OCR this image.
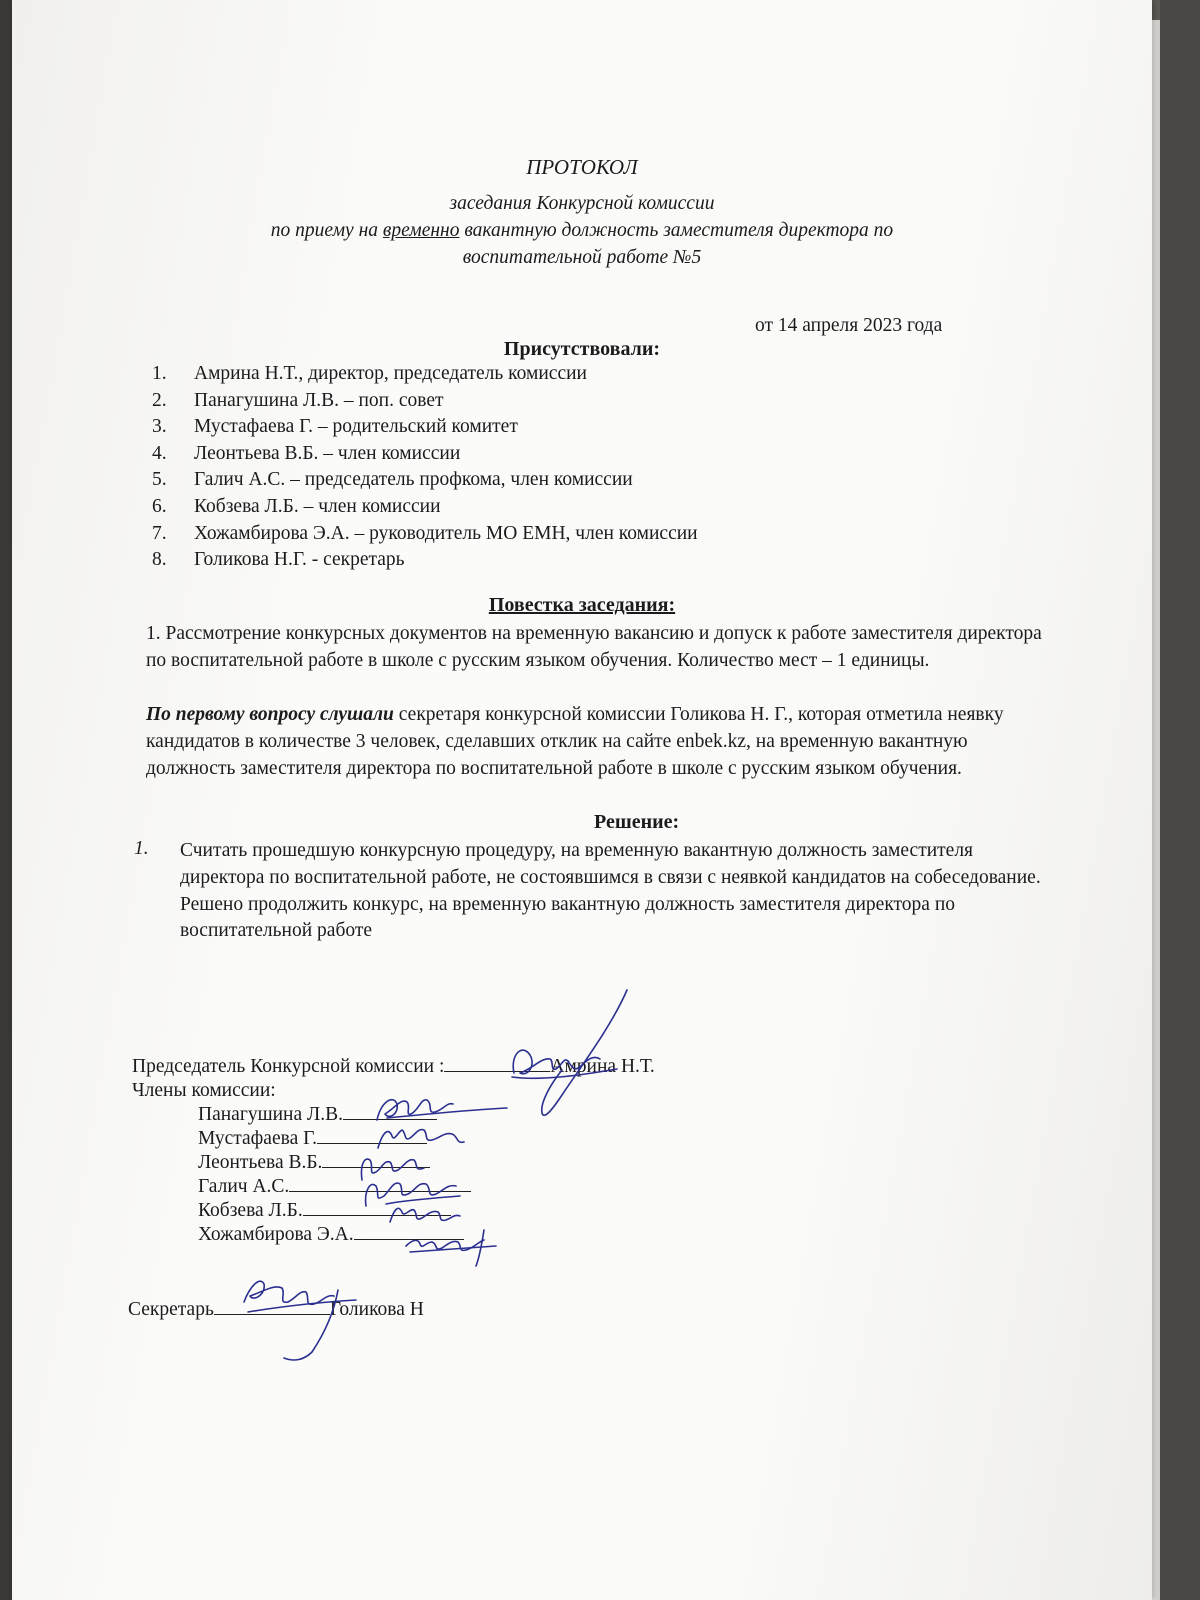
ПРОТОКОЛ
заседания Конкурсной комиссии
по приему на временно вакантную должность заместителя директора по
воспитательной работе №5
от 14 апреля 2023 года
Присутствовали:
1. Амрина Н.Т., директор, председатель комиссии
2. Панагушина Л.В. – поп. совет
3. Мустафаева Г. – родительский комитет
4. Леонтьева В.Б. – член комиссии
5. Галич А.С. – председатель профкома, член комиссии
6. Кобзева Л.Б. – член комиссии
7. Хожамбирова Э.А. – руководитель МО ЕМН, член комиссии
8. Голикова Н.Г. - секретарь
Повестка заседания:
1. Рассмотрение конкурсных документов на временную вакансию и допуск к работе заместителя директора по воспитательной работе в школе с русским языком обучения. Количество мест – 1 единицы.
По первому вопросу слушали секретаря конкурсной комиссии Голикова Н. Г., которая отметила неявку кандидатов в количестве 3 человек, сделавших отклик на сайте enbek.kz, на временную вакантную должность заместителя директора по воспитательной работе в школе с русским языком обучения.
Решение:
1. Считать прошедшую конкурсную процедуру, на временную вакантную должность заместителя директора по воспитательной работе, не состоявшимся в связи с неявкой кандидатов на собеседование. Решено продолжить конкурс, на временную вакантную должность заместителя директора по воспитательной работе
Председатель Конкурсной комиссии :	Амрина Н.Т.
Члены комиссии:
Панагушина Л.В.
Мустафаева Г.
Леонтьева В.Б.
Галич А.С.
Кобзева Л.Б.
Хожамбирова Э.А.
Секретарь	Голикова Н
